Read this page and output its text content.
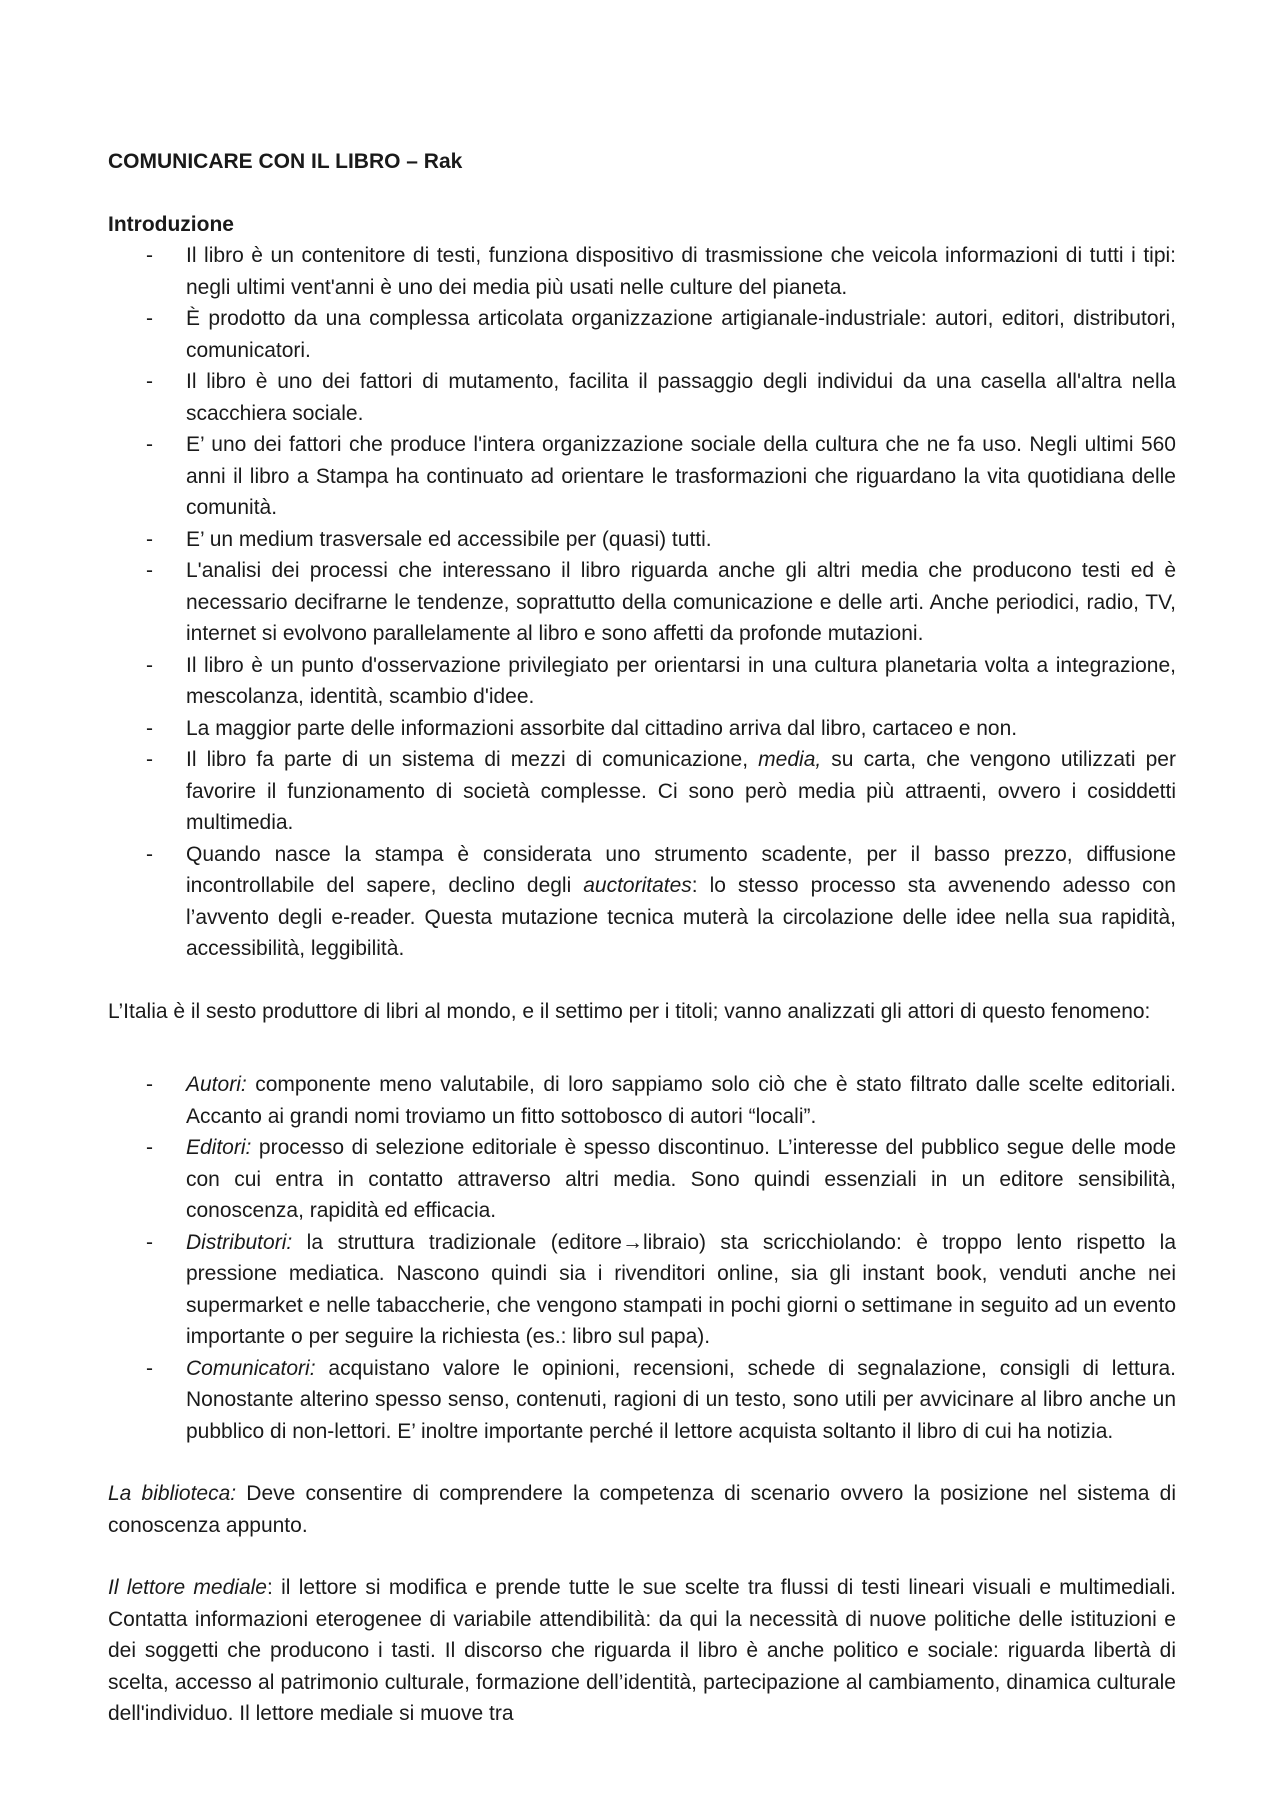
COMUNICARE CON IL LIBRO – Rak

Introduzione

- Il libro è un contenitore di testi, funziona dispositivo di trasmissione che veicola informazioni di tutti i tipi: negli ultimi vent'anni è uno dei media più usati nelle culture del pianeta.
- È prodotto da una complessa articolata organizzazione artigianale-industriale: autori, editori, distributori, comunicatori.
- Il libro è uno dei fattori di mutamento, facilita il passaggio degli individui da una casella all'altra nella scacchiera sociale.
- E’ uno dei fattori che produce l'intera organizzazione sociale della cultura che ne fa uso. Negli ultimi 560 anni il libro a Stampa ha continuato ad orientare le trasformazioni che riguardano la vita quotidiana delle comunità.
- E’ un medium trasversale ed accessibile per (quasi) tutti.
- L'analisi dei processi che interessano il libro riguarda anche gli altri media che producono testi ed è necessario decifrarne le tendenze, soprattutto della comunicazione e delle arti. Anche periodici, radio, TV, internet si evolvono parallelamente al libro e sono affetti da profonde mutazioni.
- Il libro è un punto d'osservazione privilegiato per orientarsi in una cultura planetaria volta a integrazione, mescolanza, identità, scambio d'idee.
- La maggior parte delle informazioni assorbite dal cittadino arriva dal libro, cartaceo e non.
- Il libro fa parte di un sistema di mezzi di comunicazione, media, su carta, che vengono utilizzati per favorire il funzionamento di società complesse. Ci sono però media più attraenti, ovvero i cosiddetti multimedia.
- Quando nasce la stampa è considerata uno strumento scadente, per il basso prezzo, diffusione incontrollabile del sapere, declino degli auctoritates: lo stesso processo sta avvenendo adesso con l’avvento degli e-reader. Questa mutazione tecnica muterà la circolazione delle idee nella sua rapidità, accessibilità, leggibilità.

L’Italia è il sesto produttore di libri al mondo, e il settimo per i titoli; vanno analizzati gli attori di questo fenomeno:

- Autori: componente meno valutabile, di loro sappiamo solo ciò che è stato filtrato dalle scelte editoriali. Accanto ai grandi nomi troviamo un fitto sottobosco di autori “locali”.
- Editori: processo di selezione editoriale è spesso discontinuo. L’interesse del pubblico segue delle mode con cui entra in contatto attraverso altri media. Sono quindi essenziali in un editore sensibilità, conoscenza, rapidità ed efficacia.
- Distributori: la struttura tradizionale (editore→libraio) sta scricchiolando: è troppo lento rispetto la pressione mediatica. Nascono quindi sia i rivenditori online, sia gli instant book, venduti anche nei supermarket e nelle tabaccherie, che vengono stampati in pochi giorni o settimane in seguito ad un evento importante o per seguire la richiesta (es.: libro sul papa).
- Comunicatori: acquistano valore le opinioni, recensioni, schede di segnalazione, consigli di lettura. Nonostante alterino spesso senso, contenuti, ragioni di un testo, sono utili per avvicinare al libro anche un pubblico di non-lettori. E’ inoltre importante perché il lettore acquista soltanto il libro di cui ha notizia.

La biblioteca: Deve consentire di comprendere la competenza di scenario ovvero la posizione nel sistema di conoscenza appunto.

Il lettore mediale: il lettore si modifica e prende tutte le sue scelte tra flussi di testi lineari visuali e multimediali. Contatta informazioni eterogenee di variabile attendibilità: da qui la necessità di nuove politiche delle istituzioni e dei soggetti che producono i tasti. Il discorso che riguarda il libro è anche politico e sociale: riguarda libertà di scelta, accesso al patrimonio culturale, formazione dell’identità, partecipazione al cambiamento, dinamica culturale dell'individuo. Il lettore mediale si muove tra
